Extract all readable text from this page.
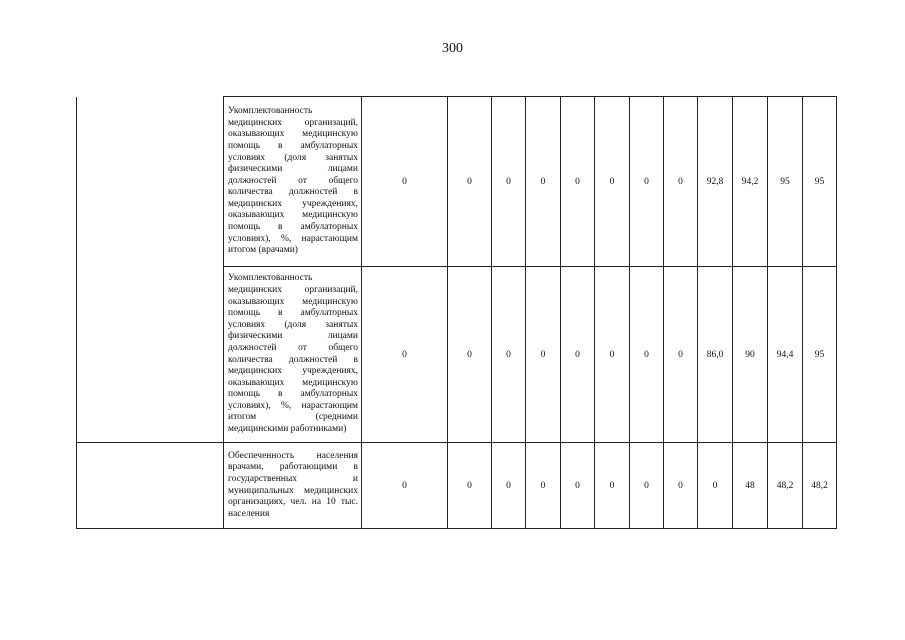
300

	Укомплектованность медицинских организаций, оказывающих медицинскую помощь в амбулаторных условиях (доля занятых физическими лицами должностей от общего количества должностей в медицинских учреждениях, оказывающих медицинскую помощь в амбулаторных условиях), %, нарастающим итогом (врачами)	0	0	0	0	0	0	0	0	92,8	94,2	95	95

	Укомплектованность медицинских организаций, оказывающих медицинскую помощь в амбулаторных условиях (доля занятых физическими лицами должностей от общего количества должностей в медицинских учреждениях, оказывающих медицинскую помощь в амбулаторных условиях), %, нарастающим итогом (средними медицинскими работниками)	0	0	0	0	0	0	0	0	86,0	90	94,4	95

	Обеспеченность населения врачами, работающими в государственных и муниципальных медицинских организациях, чел. на 10 тыс. населения	0	0	0	0	0	0	0	0	0	48	48,2	48,2
